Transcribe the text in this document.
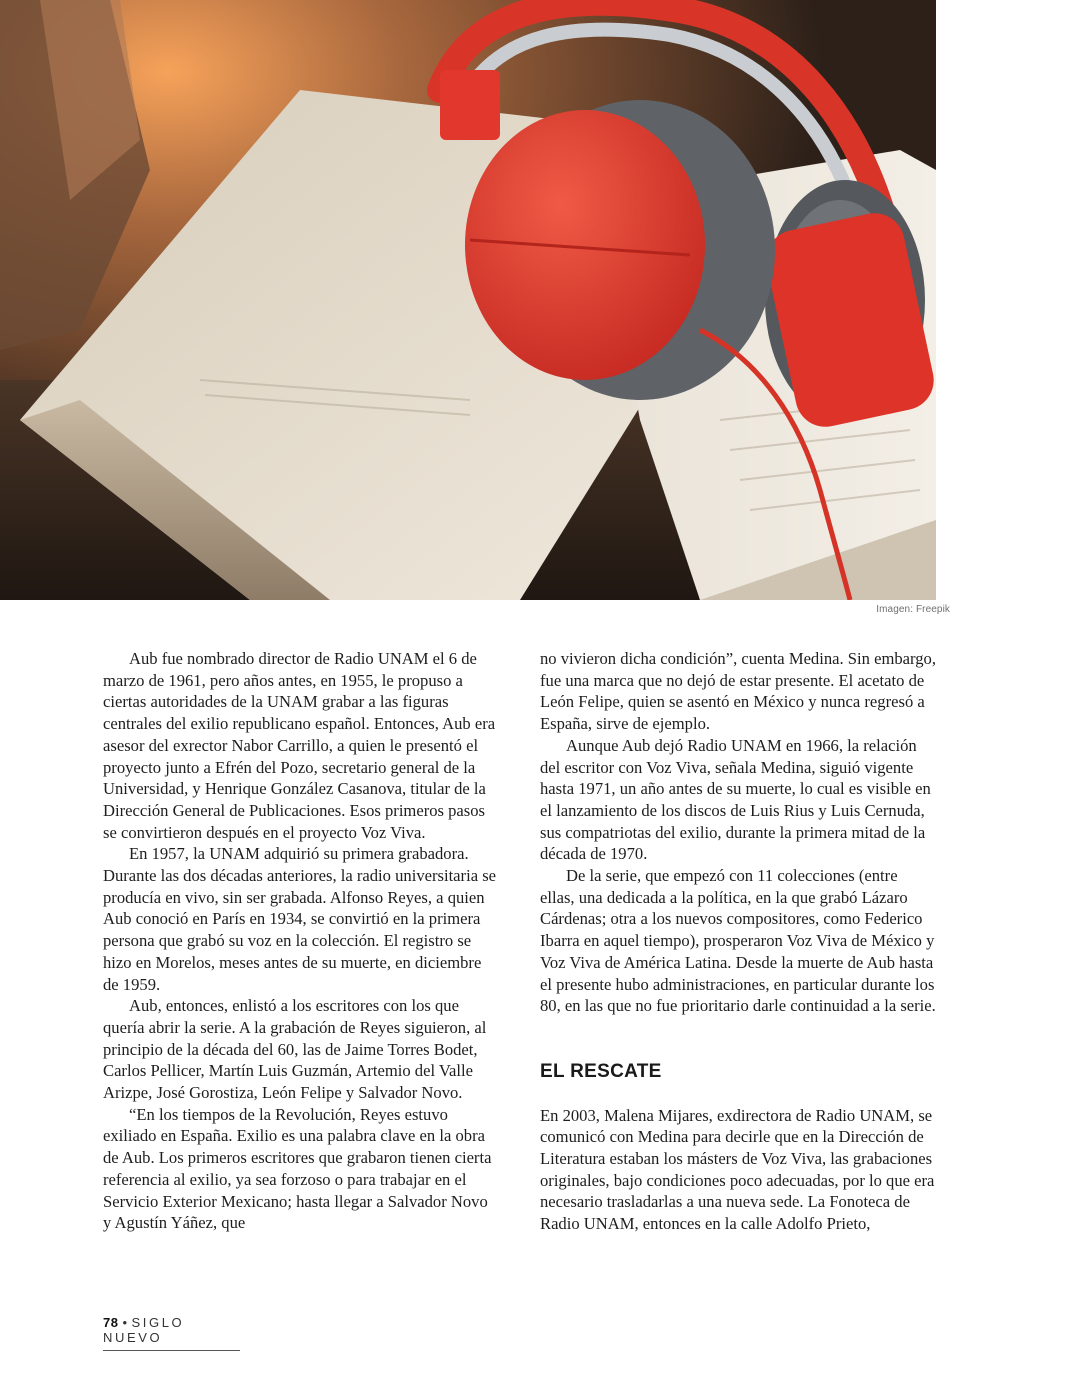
Imagen: Freepik

Aub fue nombrado director de Radio UNAM el 6 de marzo de 1961, pero años antes, en 1955, le propuso a ciertas autoridades de la UNAM grabar a las figuras centrales del exilio republicano español. Entonces, Aub era asesor del exrector Nabor Carrillo, a quien le presentó el proyecto junto a Efrén del Pozo, secretario general de la Universidad, y Henrique González Casanova, titular de la Dirección General de Publicaciones. Esos primeros pasos se convirtieron después en el proyecto Voz Viva.

En 1957, la UNAM adquirió su primera grabadora. Durante las dos décadas anteriores, la radio universitaria se producía en vivo, sin ser grabada. Alfonso Reyes, a quien Aub conoció en París en 1934, se convirtió en la primera persona que grabó su voz en la colección. El registro se hizo en Morelos, meses antes de su muerte, en diciembre de 1959.

Aub, entonces, enlistó a los escritores con los que quería abrir la serie. A la grabación de Reyes siguieron, al principio de la década del 60, las de Jaime Torres Bodet, Carlos Pellicer, Martín Luis Guzmán, Artemio del Valle Arizpe, José Gorostiza, León Felipe y Salvador Novo.

“En los tiempos de la Revolución, Reyes estuvo exiliado en España. Exilio es una palabra clave en la obra de Aub. Los primeros escritores que grabaron tienen cierta referencia al exilio, ya sea forzoso o para trabajar en el Servicio Exterior Mexicano; hasta llegar a Salvador Novo y Agustín Yáñez, que

no vivieron dicha condición”, cuenta Medina. Sin embargo, fue una marca que no dejó de estar presente. El acetato de León Felipe, quien se asentó en México y nunca regresó a España, sirve de ejemplo.

Aunque Aub dejó Radio UNAM en 1966, la relación del escritor con Voz Viva, señala Medina, siguió vigente hasta 1971, un año antes de su muerte, lo cual es visible en el lanzamiento de los discos de Luis Rius y Luis Cernuda, sus compatriotas del exilio, durante la primera mitad de la década de 1970.

De la serie, que empezó con 11 colecciones (entre ellas, una dedicada a la política, en la que grabó Lázaro Cárdenas; otra a los nuevos compositores, como Federico Ibarra en aquel tiempo), prosperaron Voz Viva de México y Voz Viva de América Latina. Desde la muerte de Aub hasta el presente hubo administraciones, en particular durante los 80, en las que no fue prioritario darle continuidad a la serie.

EL RESCATE

En 2003, Malena Mijares, exdirectora de Radio UNAM, se comunicó con Medina para decirle que en la Dirección de Literatura estaban los másters de Voz Viva, las grabaciones originales, bajo condiciones poco adecuadas, por lo que era necesario trasladarlas a una nueva sede. La Fonoteca de Radio UNAM, entonces en la calle Adolfo Prieto,

78 • SIGLO NUEVO
